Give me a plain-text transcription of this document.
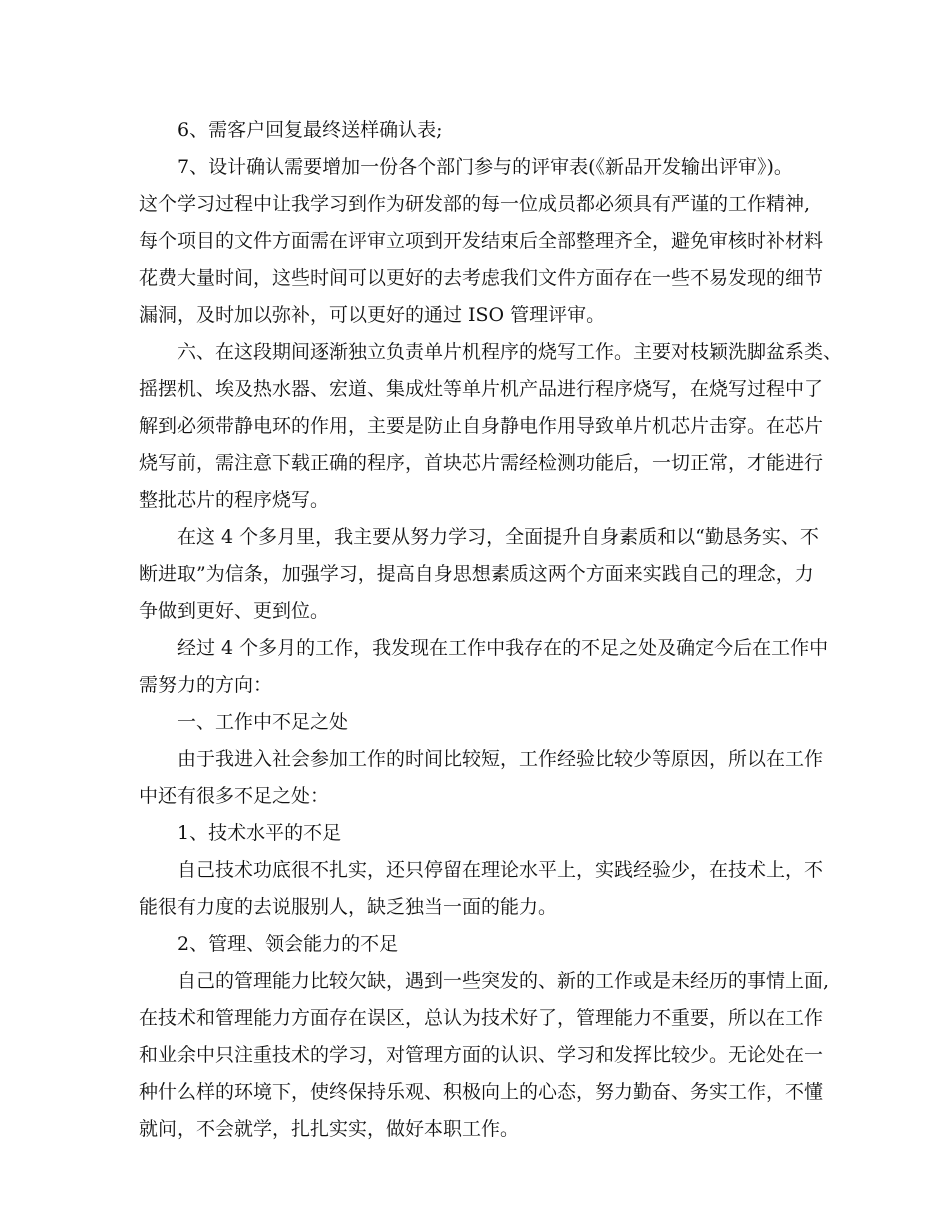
6、需客户回复最终送样确认表;
7、设计确认需要增加一份各个部门参与的评审表(《新品开发输出评审》)。
这个学习过程中让我学习到作为研发部的每一位成员都必须具有严谨的工作精神,
每个项目的文件方面需在评审立项到开发结束后全部整理齐全，避免审核时补材料
花费大量时间，这些时间可以更好的去考虑我们文件方面存在一些不易发现的细节
漏洞，及时加以弥补，可以更好的通过 ISO 管理评审。
六、在这段期间逐渐独立负责单片机程序的烧写工作。主要对枝颖洗脚盆系类、
摇摆机、埃及热水器、宏道、集成灶等单片机产品进行程序烧写，在烧写过程中了
解到必须带静电环的作用，主要是防止自身静电作用导致单片机芯片击穿。在芯片
烧写前，需注意下载正确的程序，首块芯片需经检测功能后，一切正常，才能进行
整批芯片的程序烧写。
在这 4 个多月里，我主要从努力学习，全面提升自身素质和以“勤恳务实、不
断进取”为信条，加强学习，提高自身思想素质这两个方面来实践自己的理念，力
争做到更好、更到位。
经过 4 个多月的工作，我发现在工作中我存在的不足之处及确定今后在工作中
需努力的方向：
一、工作中不足之处
由于我进入社会参加工作的时间比较短，工作经验比较少等原因，所以在工作
中还有很多不足之处：
1、技术水平的不足
自己技术功底很不扎实，还只停留在理论水平上，实践经验少，在技术上，不
能很有力度的去说服别人，缺乏独当一面的能力。
2、管理、领会能力的不足
自己的管理能力比较欠缺，遇到一些突发的、新的工作或是未经历的事情上面,
在技术和管理能力方面存在误区，总认为技术好了，管理能力不重要，所以在工作
和业余中只注重技术的学习，对管理方面的认识、学习和发挥比较少。无论处在一
种什么样的环境下，使终保持乐观、积极向上的心态，努力勤奋、务实工作，不懂
就问，不会就学，扎扎实实，做好本职工作。
